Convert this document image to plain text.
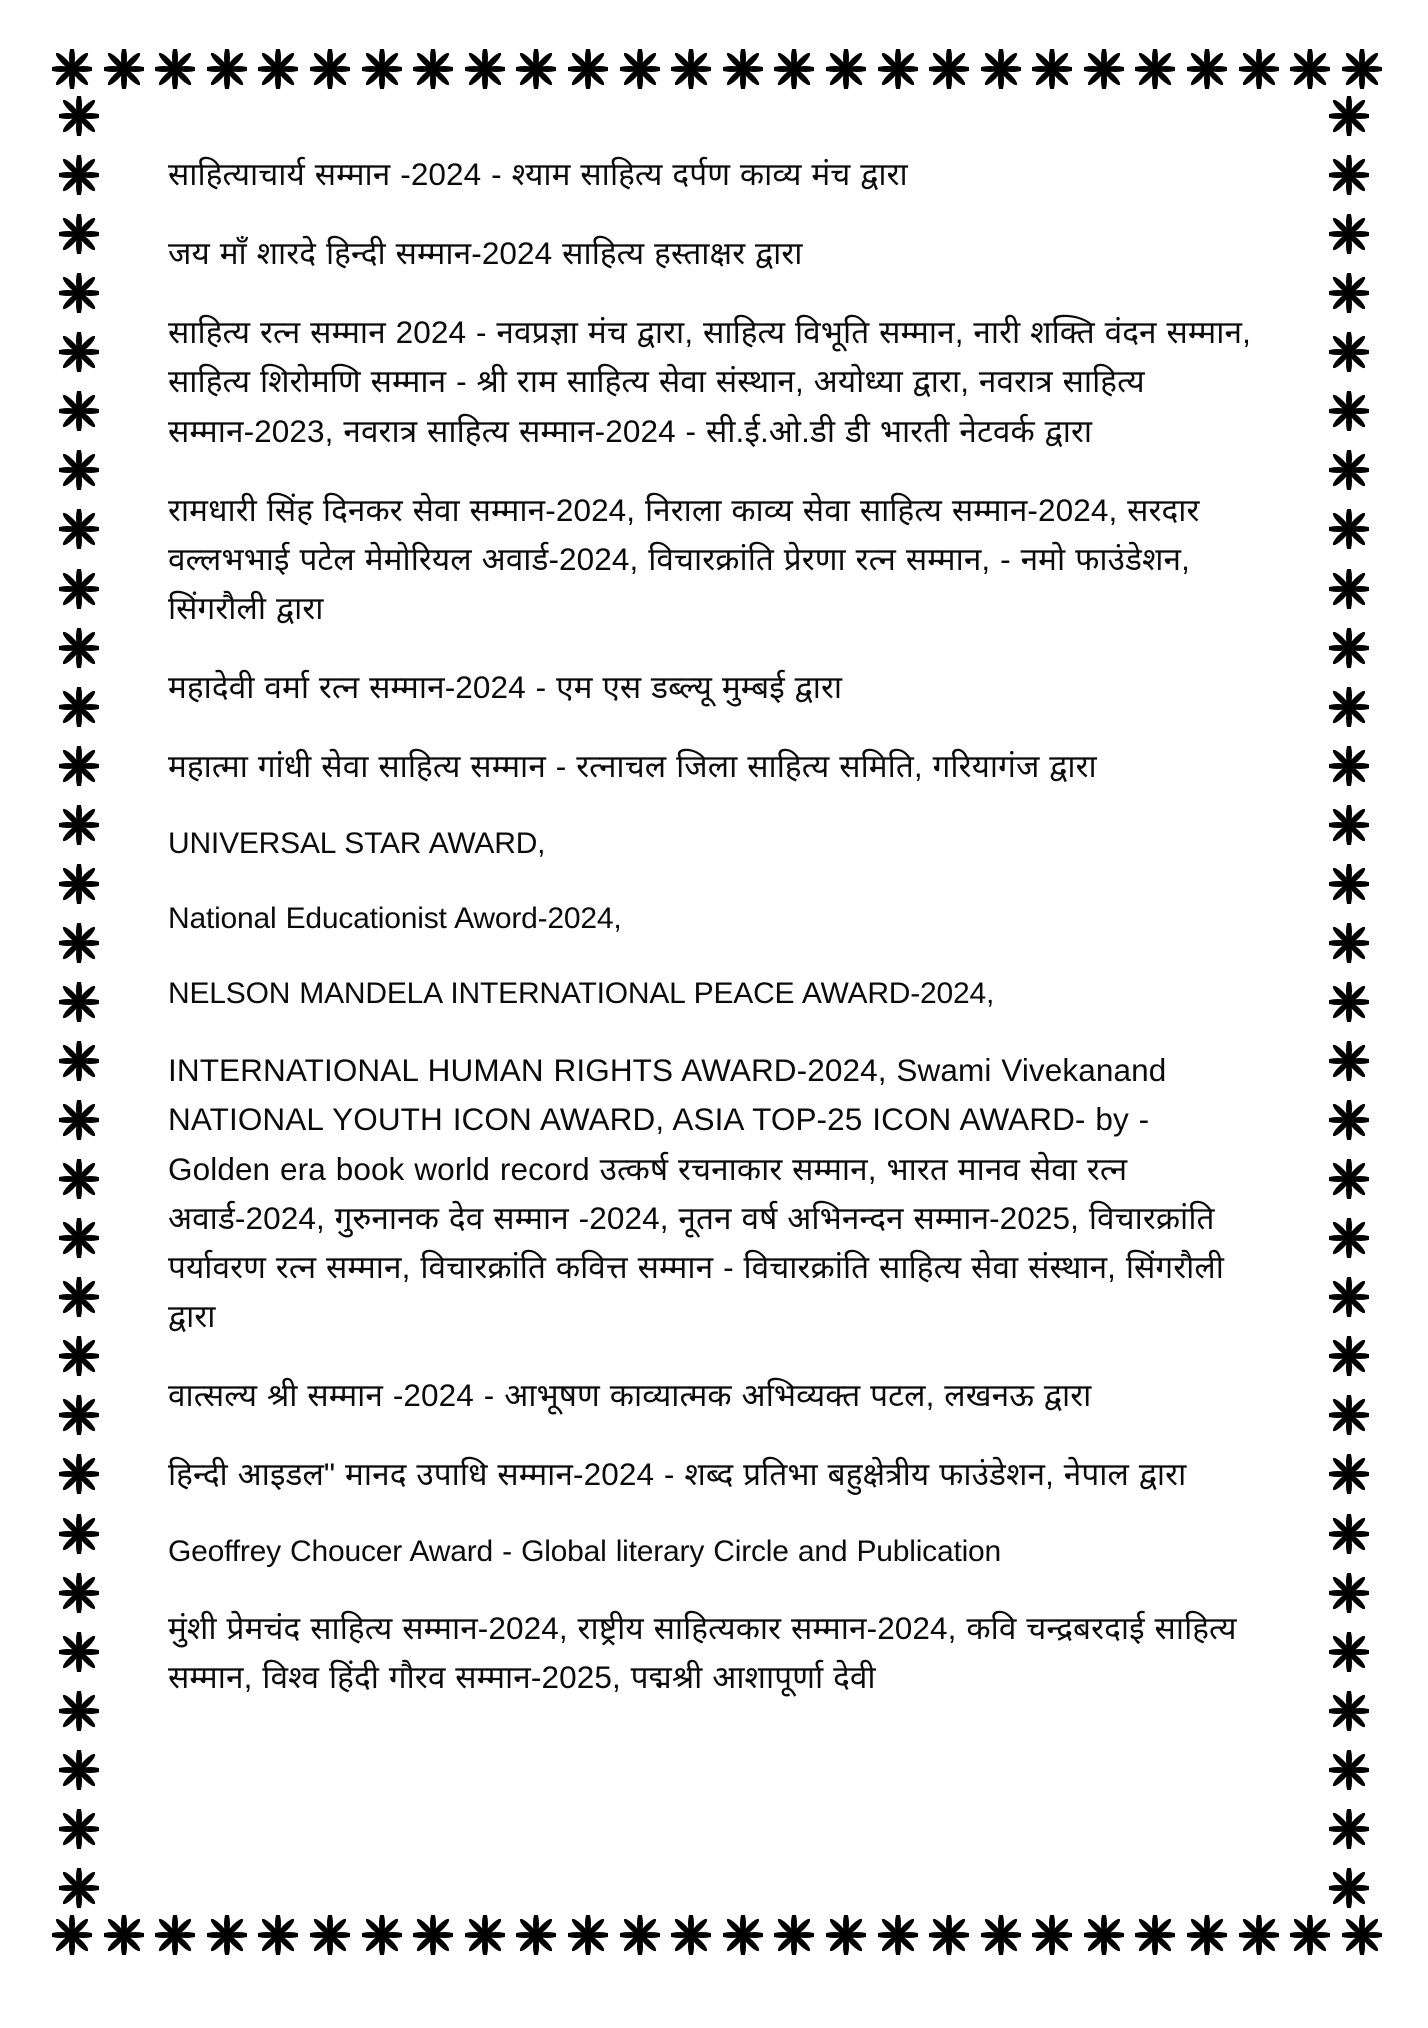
साहित्याचार्य सम्मान -2024 - श्याम साहित्य दर्पण काव्य मंच द्वारा

जय माँ शारदे हिन्दी सम्मान-2024 साहित्य हस्ताक्षर द्वारा

साहित्य रत्न सम्मान 2024 - नवप्रज्ञा मंच द्वारा, साहित्य विभूति सम्मान, नारी शक्ति वंदन सम्मान, साहित्य शिरोमणि सम्मान - श्री राम साहित्य सेवा संस्थान, अयोध्या द्वारा, नवरात्र साहित्य सम्मान-2023, नवरात्र साहित्य सम्मान-2024 - सी.ई.ओ.डी डी भारती नेटवर्क द्वारा

रामधारी सिंह दिनकर सेवा सम्मान-2024, निराला काव्य सेवा साहित्य सम्मान-2024, सरदार वल्लभभाई पटेल मेमोरियल अवार्ड-2024, विचारक्रांति प्रेरणा रत्न सम्मान, - नमो फाउंडेशन, सिंगरौली द्वारा

महादेवी वर्मा रत्न सम्मान-2024 - एम एस डब्ल्यू मुम्बई द्वारा

महात्मा गांधी सेवा साहित्य सम्मान - रत्नाचल जिला साहित्य समिति, गरियागंज द्वारा

UNIVERSAL STAR AWARD,

National Educationist Aword-2024,

NELSON MANDELA INTERNATIONAL PEACE AWARD-2024,

INTERNATIONAL HUMAN RIGHTS AWARD-2024, Swami Vivekanand NATIONAL YOUTH ICON AWARD, ASIA TOP-25 ICON AWARD- by - Golden era book world record उत्कर्ष रचनाकार सम्मान, भारत मानव सेवा रत्न अवार्ड-2024, गुरुनानक देव सम्मान -2024, नूतन वर्ष अभिनन्दन सम्मान-2025, विचारक्रांति पर्यावरण रत्न सम्मान, विचारक्रांति कवित्त सम्मान - विचारक्रांति साहित्य सेवा संस्थान, सिंगरौली द्वारा

वात्सल्य श्री सम्मान -2024 - आभूषण काव्यात्मक अभिव्यक्त पटल, लखनऊ द्वारा

हिन्दी आइडल" मानद उपाधि सम्मान-2024 - शब्द प्रतिभा बहुक्षेत्रीय फाउंडेशन, नेपाल द्वारा

Geoffrey Choucer Award - Global literary Circle and Publication

मुंशी प्रेमचंद साहित्य सम्मान-2024, राष्ट्रीय साहित्यकार सम्मान-2024, कवि चन्द्रबरदाई साहित्य सम्मान, विश्व हिंदी गौरव सम्मान-2025, पद्मश्री आशापूर्णा देवी
